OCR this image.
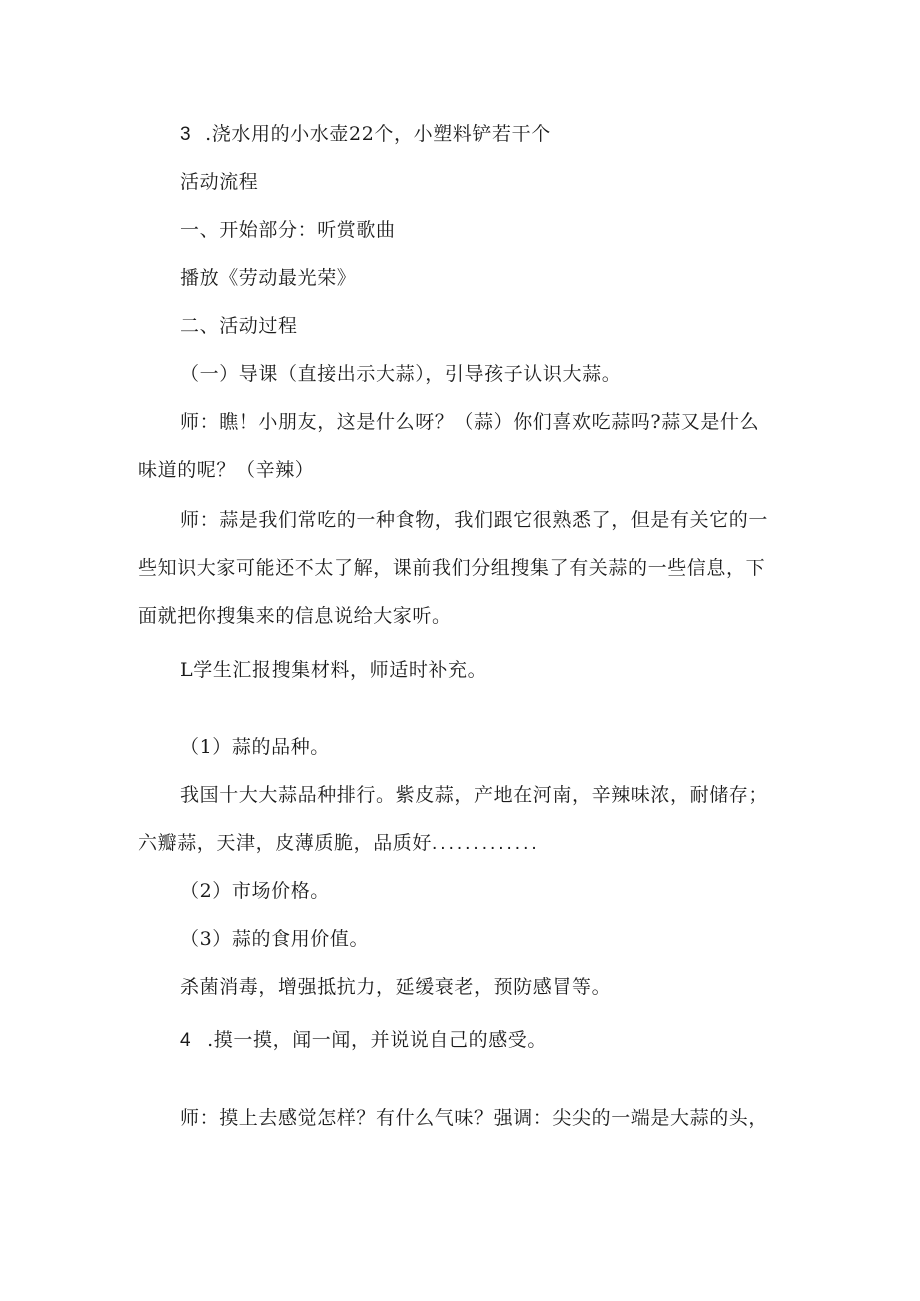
3 .浇水用的小水壶22个，小塑料铲若干个
活动流程
一、开始部分：听赏歌曲
播放《劳动最光荣》
二、活动过程
（一）导课（直接出示大蒜），引导孩子认识大蒜。
师：瞧！小朋友，这是什么呀？（蒜）你们喜欢吃蒜吗?蒜又是什么
味道的呢？（辛辣）
师：蒜是我们常吃的一种食物，我们跟它很熟悉了，但是有关它的一
些知识大家可能还不太了解，课前我们分组搜集了有关蒜的一些信息，下
面就把你搜集来的信息说给大家听。
L学生汇报搜集材料，师适时补充。
（1）蒜的品种。
我国十大大蒜品种排行。紫皮蒜，产地在河南，辛辣味浓，耐储存；
六瓣蒜，天津，皮薄质脆，品质好.............
（2）市场价格。
（3）蒜的食用价值。
杀菌消毒，增强抵抗力，延缓衰老，预防感冒等。
4 .摸一摸，闻一闻，并说说自己的感受。
师：摸上去感觉怎样？有什么气味？强调：尖尖的一端是大蒜的头，
